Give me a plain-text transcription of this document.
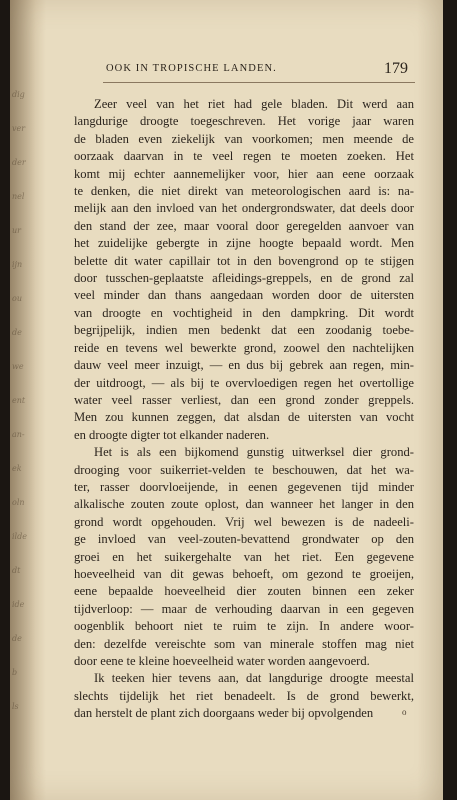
dig
ver
der
nel
ur
ijn
ou
de
we
ent
an-
ek
oln
ilde
dt
ide
de
b
ls
OOK IN TROPISCHE LANDEN.	179
Zeer veel van het riet had gele bladen. Dit werd aan
langdurige droogte toegeschreven. Het vorige jaar waren
de bladen even ziekelijk van voorkomen; men meende de
oorzaak daarvan in te veel regen te moeten zoeken. Het
komt mij echter aannemelijker voor, hier aan eene oorzaak
te denken, die niet direkt van meteorologischen aard is: na-
melijk aan den invloed van het ondergrondswater, dat deels door
den stand der zee, maar vooral door geregelden aanvoer van
het zuidelijke gebergte in zijne hoogte bepaald wordt. Men
belette dit water capillair tot in den bovengrond op te stijgen
door tusschen-geplaatste afleidings-greppels, en de grond zal
veel minder dan thans aangedaan worden door de uitersten
van droogte en vochtigheid in den dampkring. Dit wordt
begrijpelijk, indien men bedenkt dat een zoodanig toebe-
reide en tevens wel bewerkte grond, zoowel den nachtelijken
dauw veel meer inzuigt, — en dus bij gebrek aan regen, min-
der uitdroogt, — als bij te overvloedigen regen het overtollige
water veel rasser verliest, dan een grond zonder greppels.
Men zou kunnen zeggen, dat alsdan de uitersten van vocht
en droogte digter tot elkander naderen.
Het is als een bijkomend gunstig uitwerksel dier grond-
drooging voor suikerriet-velden te beschouwen, dat het wa-
ter, rasser doorvloeijende, in eenen gegevenen tijd minder
alkalische zouten zoute oplost, dan wanneer het langer in den
grond wordt opgehouden. Vrij wel bewezen is de nadeeli-
ge invloed van veel-zouten-bevattend grondwater op den
groei en het suikergehalte van het riet. Een gegevene
hoeveelheid van dit gewas behoeft, om gezond te groeijen,
eene bepaalde hoeveelheid dier zouten binnen een zeker
tijdverloop: — maar de verhouding daarvan in een gegeven
oogenblik behoort niet te ruim te zijn. In andere woor-
den: dezelfde vereischte som van minerale stoffen mag niet
door eene te kleine hoeveelheid water worden aangevoerd.
Ik teeken hier tevens aan, dat langdurige droogte meestal
slechts tijdelijk het riet benadeelt. Is de grond bewerkt,
dan herstelt de plant zich doorgaans weder bij opvolgenden	o
